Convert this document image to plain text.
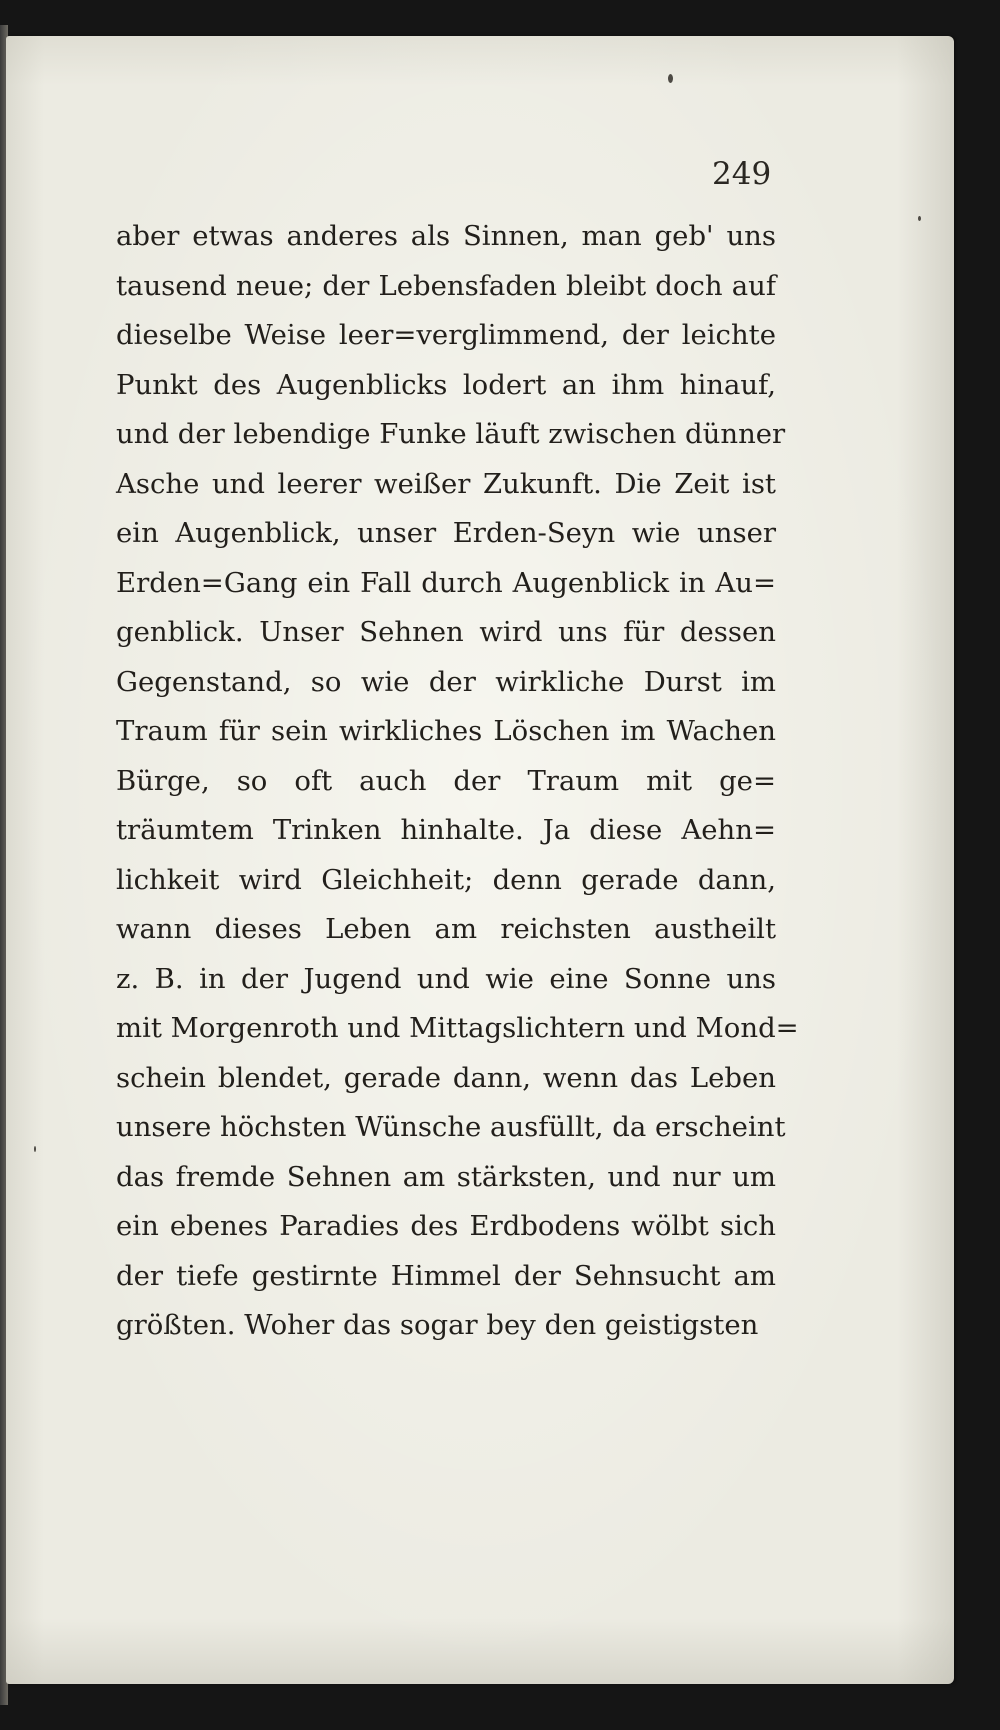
249
aber etwas anderes als Sinnen, man geb' uns
tausend neue; der Lebensfaden bleibt doch auf
dieselbe Weise leer=verglimmend, der leichte
Punkt des Augenblicks lodert an ihm hinauf,
und der lebendige Funke läuft zwischen dünner
Asche und leerer weißer Zukunft. Die Zeit ist
ein Augenblick, unser Erden-Seyn wie unser
Erden=Gang ein Fall durch Augenblick in Au=
genblick. Unser Sehnen wird uns für dessen
Gegenstand, so wie der wirkliche Durst im
Traum für sein wirkliches Löschen im Wachen
Bürge, so oft auch der Traum mit ge=
träumtem Trinken hinhalte. Ja diese Aehn=
lichkeit wird Gleichheit; denn gerade dann,
wann dieses Leben am reichsten austheilt
z. B. in der Jugend und wie eine Sonne uns
mit Morgenroth und Mittagslichtern und Mond=
schein blendet, gerade dann, wenn das Leben
unsere höchsten Wünsche ausfüllt, da erscheint
das fremde Sehnen am stärksten, und nur um
ein ebenes Paradies des Erdbodens wölbt sich
der tiefe gestirnte Himmel der Sehnsucht am
größten. Woher das sogar bey den geistigsten
